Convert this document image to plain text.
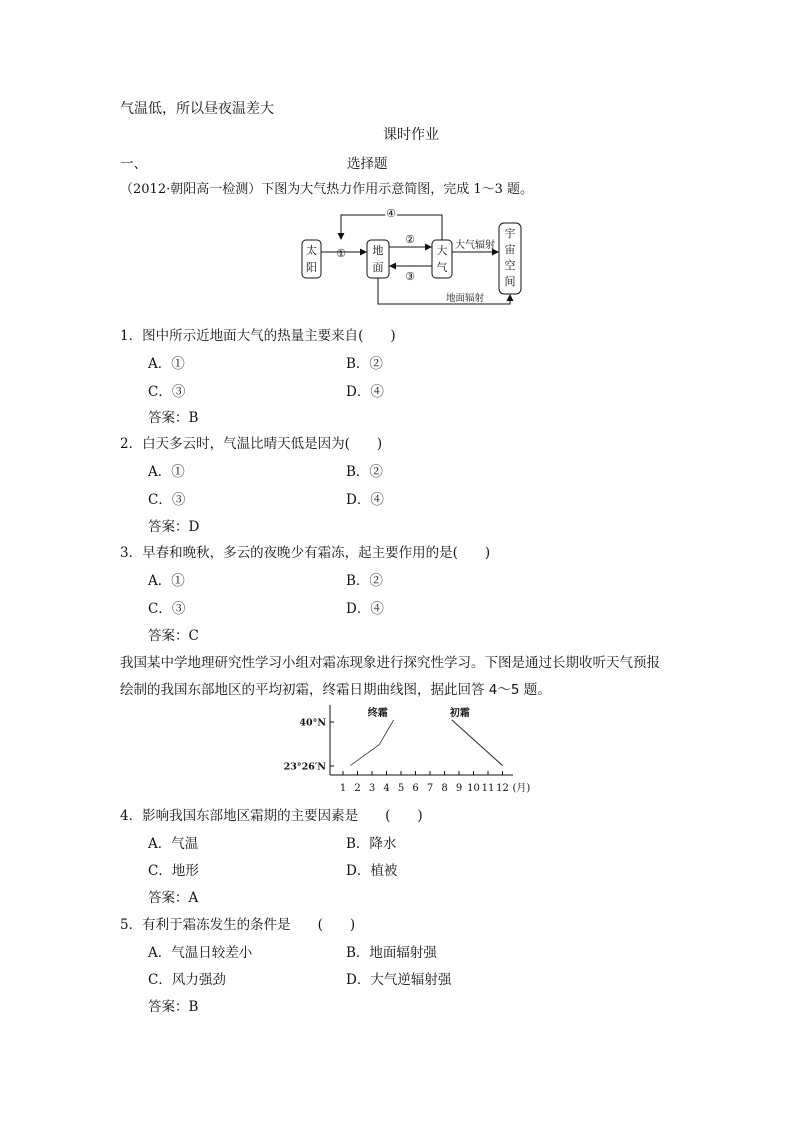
气温低，所以昼夜温差大
课时作业
一、	选择题
（2012·朝阳高一检测）下图为大气热力作用示意简图，完成 1～3 题。
太
阳
地
面
大
气
宇
宙
空
间
①
②
③
大气辐射
④
地面辐射
1．图中所示近地面大气的热量主要来自(　　)
A．①	B．②
C．③	D．④
答案：B
2．白天多云时，气温比晴天低是因为(　　)
A．①	B．②
C．③	D．④
答案：D
3．早春和晚秋，多云的夜晚少有霜冻，起主要作用的是(　　)
A．①	B．②
C．③	D．④
答案：C
我国某中学地理研究性学习小组对霜冻现象进行探究性学习。下图是通过长期收听天气预报
绘制的我国东部地区的平均初霜，终霜日期曲线图，据此回答 4～5 题。
1 2 3 4 5 6 7 8 9 10 11 12 (月)
40°N
23°26′N
终霜	初霜
4．影响我国东部地区霜期的主要因素是　　(　　)
A．气温	B．降水
C．地形	D．植被
答案：A
5．有利于霜冻发生的条件是　　(　　)
A．气温日较差小	B．地面辐射强
C．风力强劲	D．大气逆辐射强
答案：B
